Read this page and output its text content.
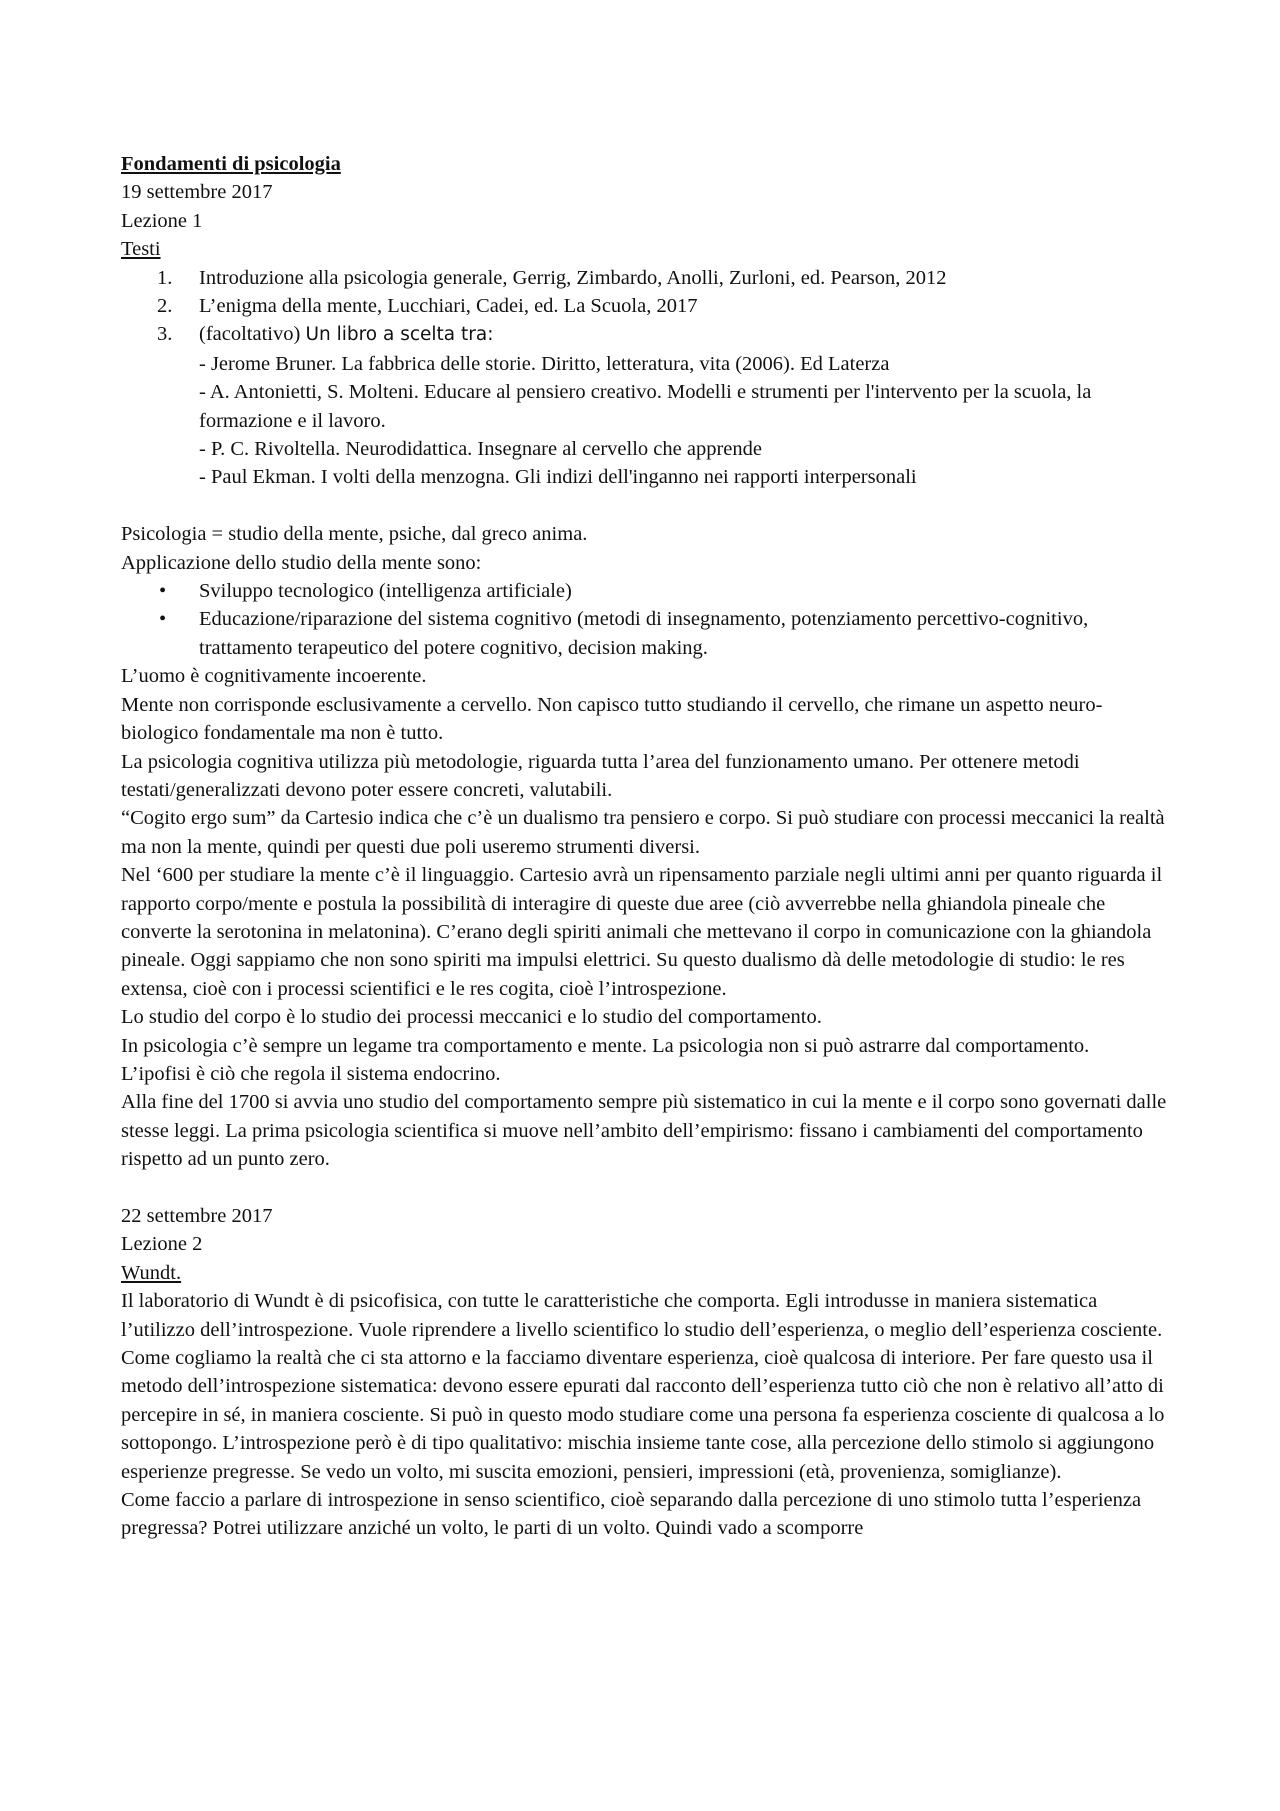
Fondamenti di psicologia

19 settembre 2017

Lezione 1

Testi

1. Introduzione alla psicologia generale, Gerrig, Zimbardo, Anolli, Zurloni, ed. Pearson, 2012
2. L’enigma della mente, Lucchiari, Cadei, ed. La Scuola, 2017
3. (facoltativo) Un libro a scelta tra:
- Jerome Bruner. La fabbrica delle storie. Diritto, letteratura, vita (2006). Ed Laterza
- A. Antonietti, S. Molteni. Educare al pensiero creativo. Modelli e strumenti per l'intervento per la scuola, la formazione e il lavoro.
- P. C. Rivoltella. Neurodidattica. Insegnare al cervello che apprende
- Paul Ekman. I volti della menzogna. Gli indizi dell'inganno nei rapporti interpersonali

Psicologia = studio della mente, psiche, dal greco anima.

Applicazione dello studio della mente sono:

• Sviluppo tecnologico (intelligenza artificiale)
• Educazione/riparazione del sistema cognitivo (metodi di insegnamento, potenziamento percettivo-cognitivo, trattamento terapeutico del potere cognitivo, decision making.

L’uomo è cognitivamente incoerente.

Mente non corrisponde esclusivamente a cervello. Non capisco tutto studiando il cervello, che rimane un aspetto neuro-biologico fondamentale ma non è tutto.

La psicologia cognitiva utilizza più metodologie, riguarda tutta l’area del funzionamento umano. Per ottenere metodi testati/generalizzati devono poter essere concreti, valutabili.

“Cogito ergo sum” da Cartesio indica che c’è un dualismo tra pensiero e corpo. Si può studiare con processi meccanici la realtà ma non la mente, quindi per questi due poli useremo strumenti diversi.

Nel ‘600 per studiare la mente c’è il linguaggio. Cartesio avrà un ripensamento parziale negli ultimi anni per quanto riguarda il rapporto corpo/mente e postula la possibilità di interagire di queste due aree (ciò avverrebbe nella ghiandola pineale che converte la serotonina in melatonina). C’erano degli spiriti animali che mettevano il corpo in comunicazione con la ghiandola pineale. Oggi sappiamo che non sono spiriti ma impulsi elettrici. Su questo dualismo dà delle metodologie di studio: le res extensa, cioè con i processi scientifici e le res cogita, cioè l’introspezione.

Lo studio del corpo è lo studio dei processi meccanici e lo studio del comportamento.

In psicologia c’è sempre un legame tra comportamento e mente. La psicologia non si può astrarre dal comportamento.

L’ipofisi è ciò che regola il sistema endocrino.

Alla fine del 1700 si avvia uno studio del comportamento sempre più sistematico in cui la mente e il corpo sono governati dalle stesse leggi. La prima psicologia scientifica si muove nell’ambito dell’empirismo: fissano i cambiamenti del comportamento rispetto ad un punto zero.

22 settembre 2017

Lezione 2

Wundt.

Il laboratorio di Wundt è di psicofisica, con tutte le caratteristiche che comporta. Egli introdusse in maniera sistematica l’utilizzo dell’introspezione. Vuole riprendere a livello scientifico lo studio dell’esperienza, o meglio dell’esperienza cosciente. Come cogliamo la realtà che ci sta attorno e la facciamo diventare esperienza, cioè qualcosa di interiore. Per fare questo usa il metodo dell’introspezione sistematica: devono essere epurati dal racconto dell’esperienza tutto ciò che non è relativo all’atto di percepire in sé, in maniera cosciente. Si può in questo modo studiare come una persona fa esperienza cosciente di qualcosa a lo sottopongo. L’introspezione però è di tipo qualitativo: mischia insieme tante cose, alla percezione dello stimolo si aggiungono esperienze pregresse. Se vedo un volto, mi suscita emozioni, pensieri, impressioni (età, provenienza, somiglianze).

Come faccio a parlare di introspezione in senso scientifico, cioè separando dalla percezione di uno stimolo tutta l’esperienza pregressa? Potrei utilizzare anziché un volto, le parti di un volto. Quindi vado a scomporre
